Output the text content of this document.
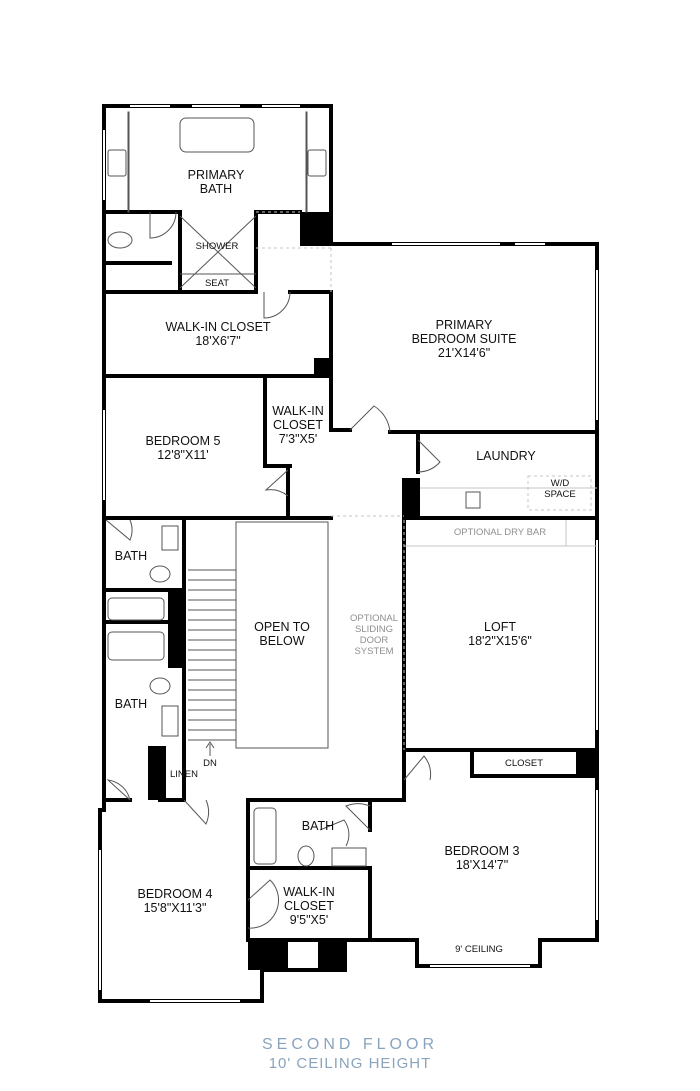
PRIMARY
BATH
SHOWER
SEAT
WALK-IN CLOSET
18'X6'7"
PRIMARY
BEDROOM SUITE
21'X14'6"
WALK-IN
CLOSET
7'3"X5'
BEDROOM 5
12'8"X11'	LAUNDRY
W/D
SPACE
OPTIONAL DRY BAR
BATH
BATH
OPEN TO
BELOW
OPTIONAL
SLIDING
DOOR
SYSTEM
LOFT
18'2"X15'6"
DN
LINEN
CLOSET
BATH
BEDROOM 3
18'X14'7"
BEDROOM 4
15'8"X11'3"
WALK-IN
CLOSET
9'5"X5'
9' CEILING
SECOND FLOOR
10' CEILING HEIGHT
